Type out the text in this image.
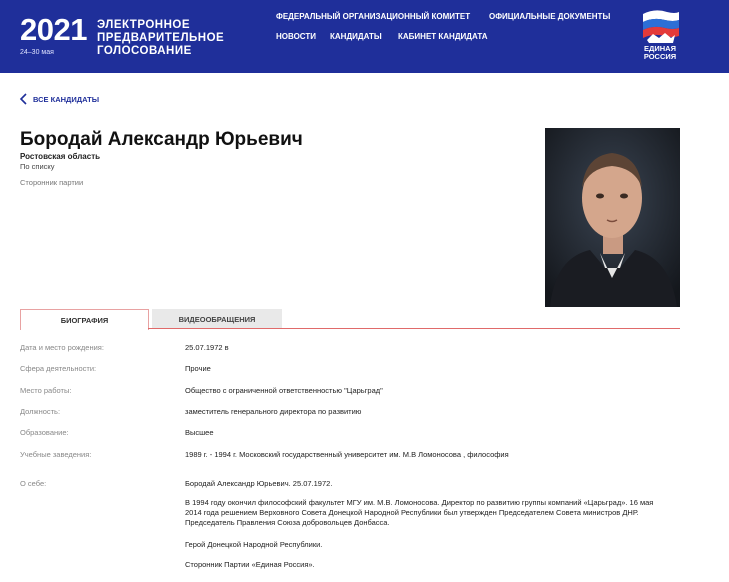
2021
24–30 мая
ЭЛЕКТРОННОЕ
ПРЕДВАРИТЕЛЬНОЕ
ГОЛОСОВАНИЕ
ФЕДЕРАЛЬНЫЙ ОРГАНИЗАЦИОННЫЙ КОМИТЕТ ОФИЦИАЛЬНЫЕ ДОКУМЕНТЫ
НОВОСТИ КАНДИДАТЫ КАБИНЕТ КАНДИДАТА
ЕДИНАЯ
РОССИЯ
ВСЕ КАНДИДАТЫ
Бородай Александр Юрьевич
Ростовская область
По списку
Сторонник партии
БИОГРАФИЯ	ВИДЕООБРАЩЕНИЯ
Дата и место рождения:	25.07.1972 в
Сфера деятельности:	Прочие
Место работы:	Общество с ограниченной ответственностью "Царьград"
Должность:	заместитель генерального директора по развитию
Образование:	Высшее
Учебные заведения:	1989 г. - 1994 г. Московский государственный университет им. М.В Ломоносова , философия
О себе:	Бородай Александр Юрьевич. 25.07.1972.
В 1994 году окончил философский факультет МГУ им. М.В. Ломоносова. Директор по развитию группы компаний «Царьград». 16 мая 2014 года решением Верховного Совета Донецкой Народной Республики был утвержден Председателем Совета министров ДНР. Председатель Правления Союза добровольцев Донбасса.
Герой Донецкой Народной Республики.
Сторонник Партии «Единая Россия».
